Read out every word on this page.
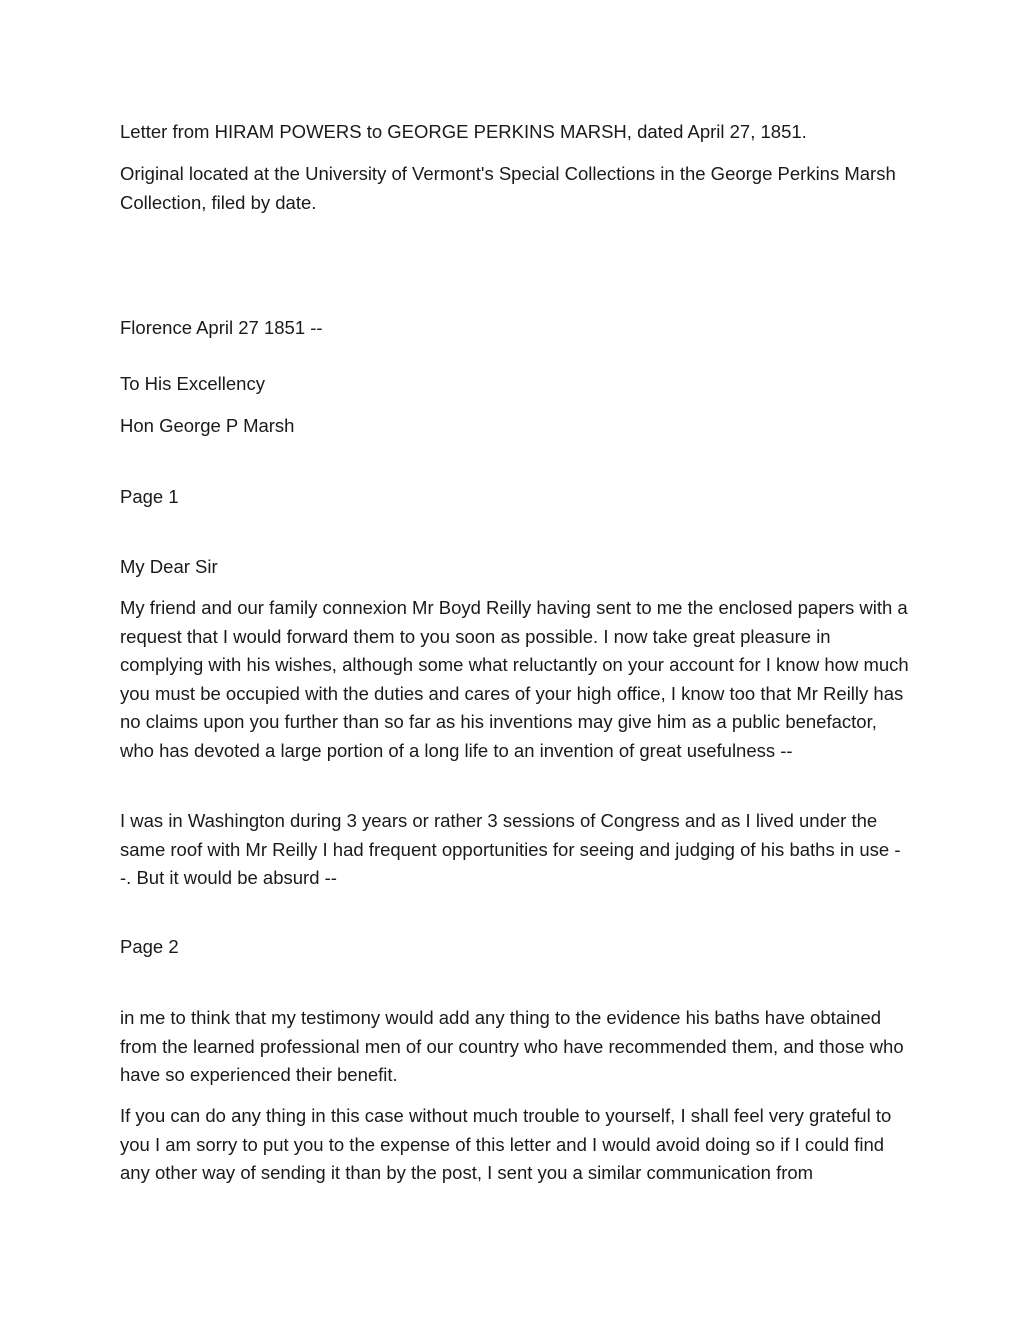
Letter from HIRAM POWERS to GEORGE PERKINS MARSH, dated April 27, 1851.

Original located at the University of Vermont's Special Collections in the George Perkins Marsh Collection, filed by date.

Florence April 27 1851 --

To His Excellency

Hon George P Marsh

Page 1

My Dear Sir

My friend and our family connexion Mr Boyd Reilly having sent to me the enclosed papers with a request that I would forward them to you soon as possible. I now take great pleasure in complying with his wishes, although some what reluctantly on your account for I know how much you must be occupied with the duties and cares of your high office, I know too that Mr Reilly has no claims upon you further than so far as his inventions may give him as a public benefactor, who has devoted a large portion of a long life to an invention of great usefulness --

I was in Washington during 3 years or rather 3 sessions of Congress and as I lived under the same roof with Mr Reilly I had frequent opportunities for seeing and judging of his baths in use --. But it would be absurd --

Page 2

in me to think that my testimony would add any thing to the evidence his baths have obtained from the learned professional men of our country who have recommended them, and those who have so experienced their benefit.

If you can do any thing in this case without much trouble to yourself, I shall feel very grateful to you I am sorry to put you to the expense of this letter and I would avoid doing so if I could find any other way of sending it than by the post, I sent you a similar communication from
